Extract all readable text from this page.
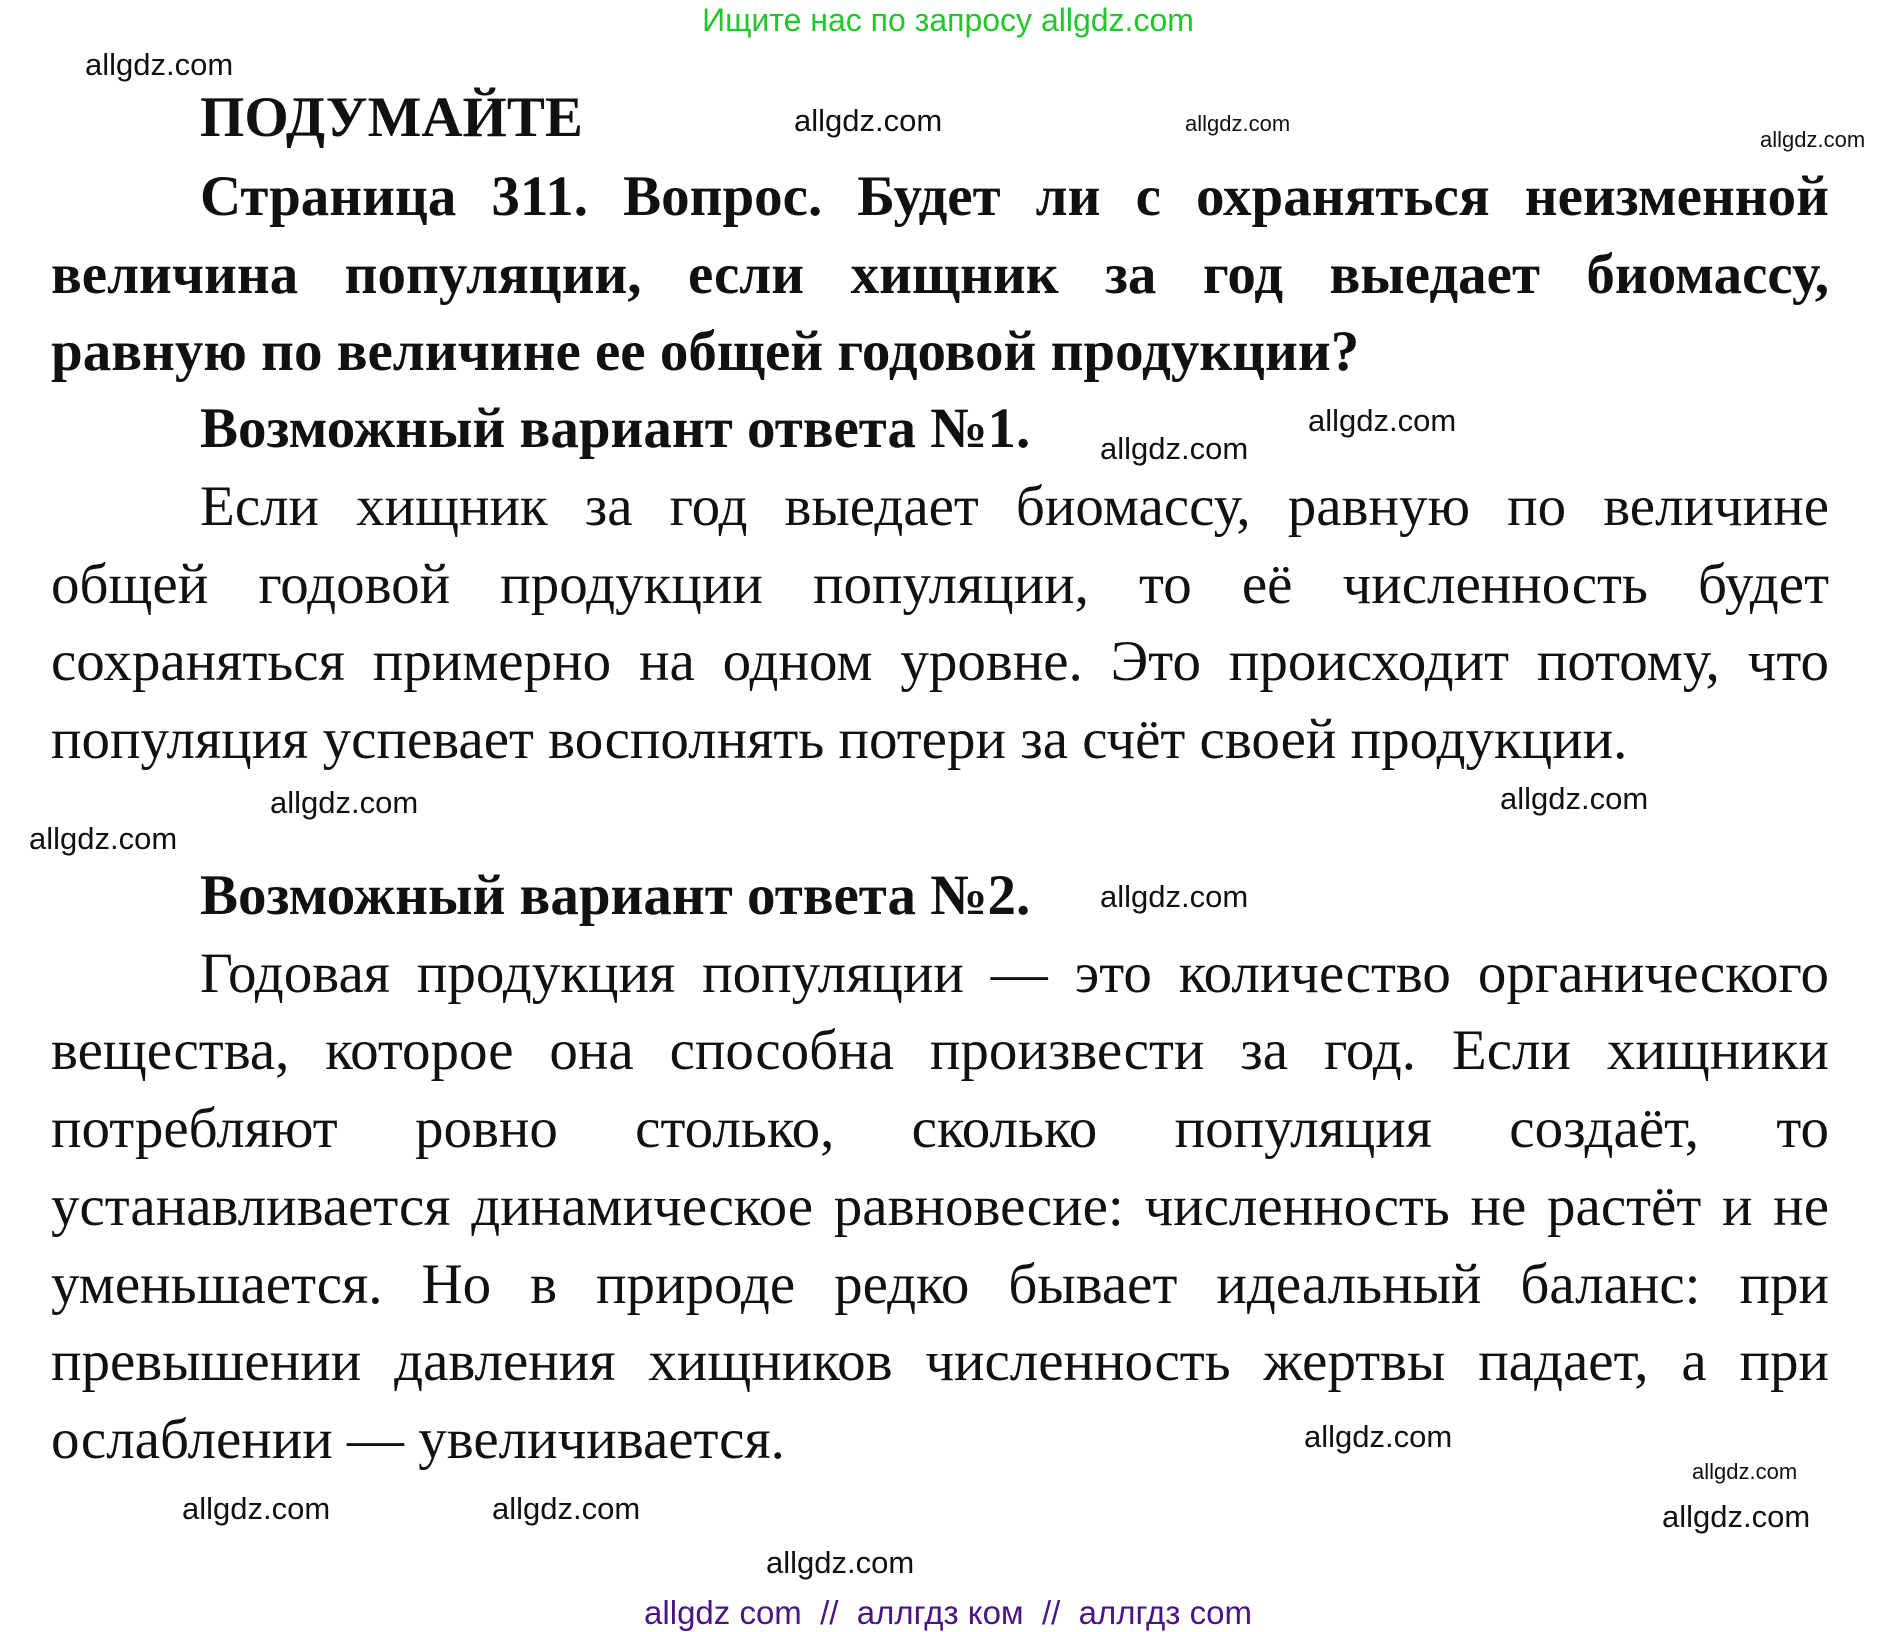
Ищите нас по запросу allgdz.com
ПОДУМАЙТЕ
Страница 311. Вопрос. Будет ли с охраняться неизменной
величина популяции, если хищник за год выедает биомассу,
равную по величине ее общей годовой продукции?
Возможный вариант ответа №1.
Если хищник за год выедает биомассу, равную по величине
общей годовой продукции популяции, то её численность будет
сохраняться примерно на одном уровне. Это происходит потому, что
популяция успевает восполнять потери за счёт своей продукции.
Возможный вариант ответа №2.
Годовая продукция популяции — это количество органического
вещества, которое она способна произвести за год. Если хищники
потребляют ровно столько, сколько популяция создаёт, то
устанавливается динамическое равновесие: численность не растёт и не
уменьшается. Но в природе редко бывает идеальный баланс: при
превышении давления хищников численность жертвы падает, а при
ослаблении — увеличивается.
allgdz.com
allgdz.com	allgdz.com
allgdz.com
allgdz.com
allgdz.com
allgdz.com
allgdz.com
allgdz.com
allgdz.com
allgdz.com	allgdz.com
allgdz.com
allgdz.com
allgdz.com
allgdz.com
allgdz com  //  аллгдз ком  //  аллгдз com
